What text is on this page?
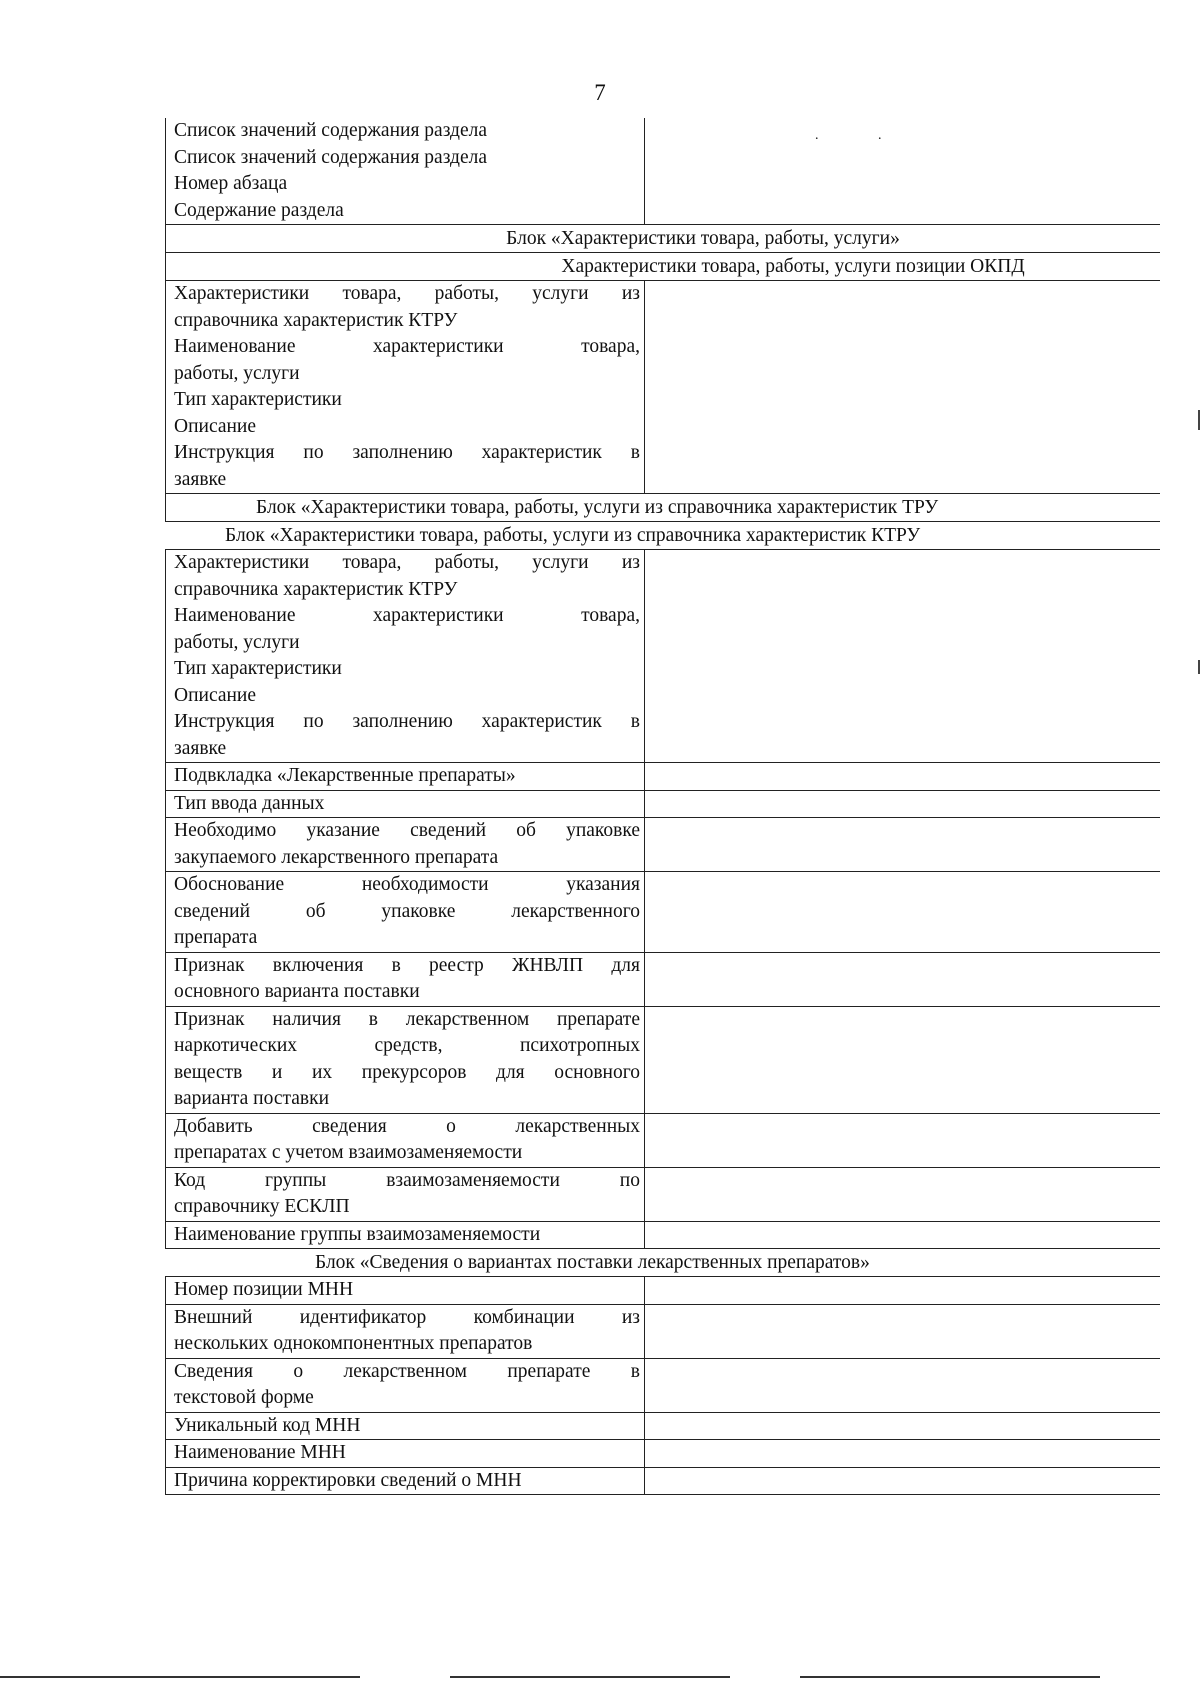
7
Список значений содержания раздела
Список значений содержания раздела
Номер абзаца
Содержание раздела
. .
Блок «Характеристики товара, работы, услуги»
Характеристики товара, работы, услуги позиции ОКПД
Характеристики товара, работы, услуги из
справочника характеристик КТРУ
Наименование характеристики товара,
работы, услуги
Тип характеристики
Описание
Инструкция по заполнению характеристик в
заявке
Блок «Характеристики товара, работы, услуги из справочника характеристик ТРУ
Блок «Характеристики товара, работы, услуги из справочника характеристик КТРУ
Характеристики товара, работы, услуги из
справочника характеристик КТРУ
Наименование характеристики товара,
работы, услуги
Тип характеристики
Описание
Инструкция по заполнению характеристик в
заявке
Подвкладка «Лекарственные препараты»
Тип ввода данных
Необходимо указание сведений об упаковке
закупаемого лекарственного препарата
Обоснование необходимости указания
сведений об упаковке лекарственного
препарата
Признак включения в реестр ЖНВЛП для
основного варианта поставки
Признак наличия в лекарственном препарате
наркотических средств, психотропных
веществ и их прекурсоров для основного
варианта поставки
Добавить сведения о лекарственных
препаратах с учетом взаимозаменяемости
Код группы взаимозаменяемости по
справочнику ЕСКЛП
Наименование группы взаимозаменяемости
Блок «Сведения о вариантах поставки лекарственных препаратов»
Номер позиции МНН
Внешний идентификатор комбинации из
нескольких однокомпонентных препаратов
Сведения о лекарственном препарате в
текстовой форме
Уникальный код МНН
Наименование МНН
Причина корректировки сведений о МНН
